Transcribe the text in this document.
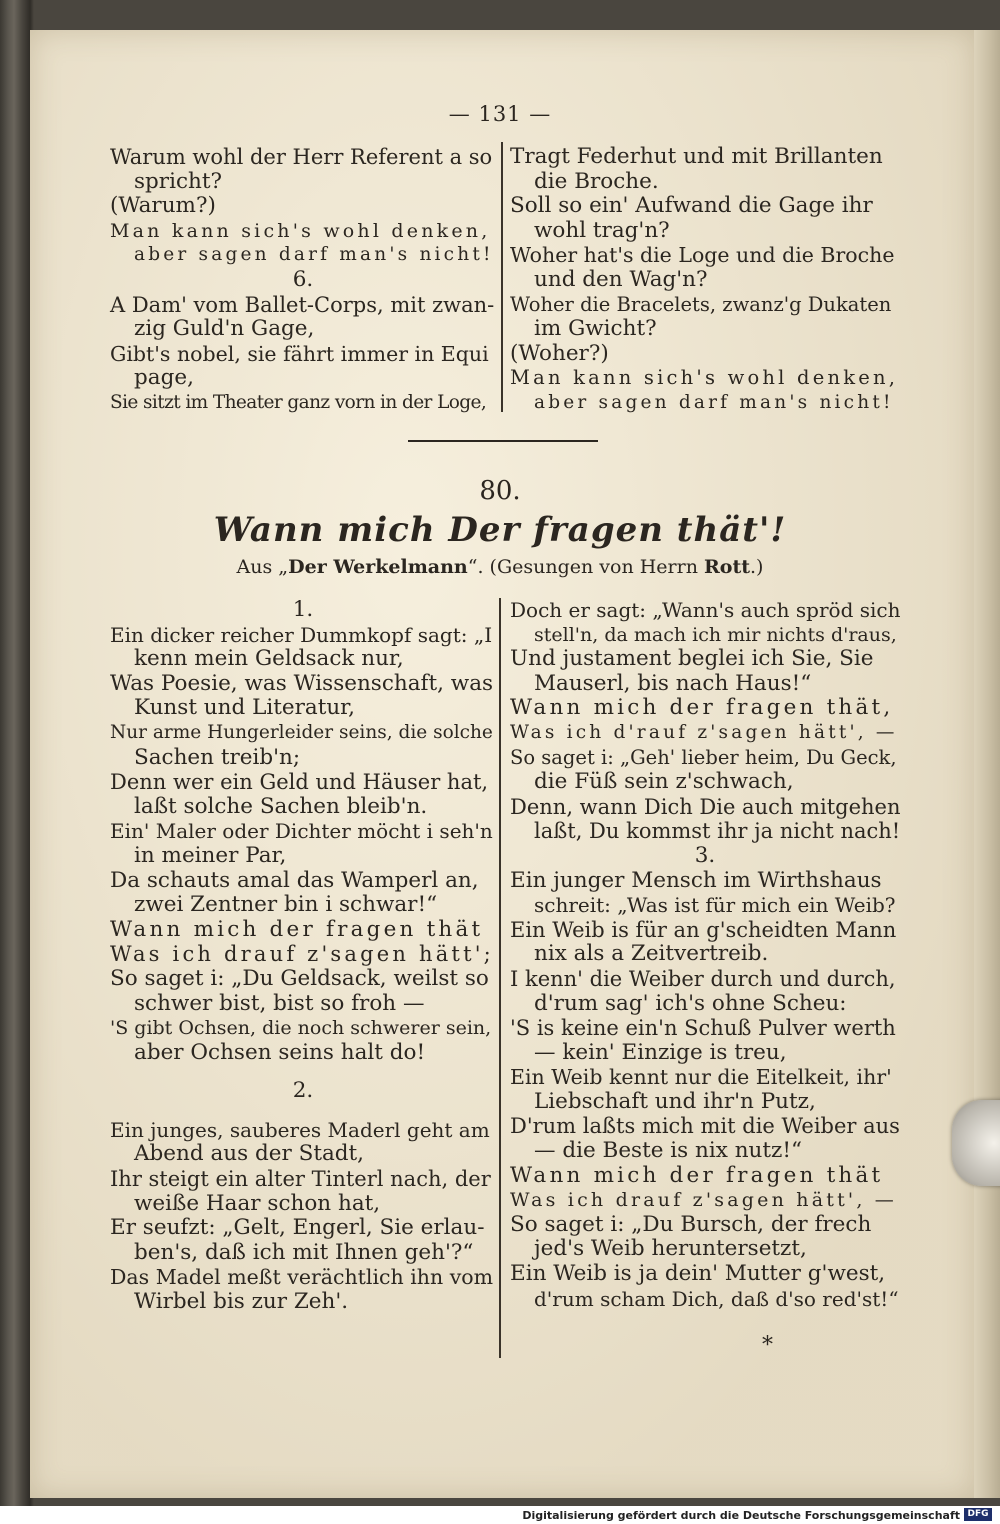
— 131 —
Warum wohl der Herr Referent a so
spricht?
(Warum?)
Man kann sich's wohl denken,
aber sagen darf man's nicht!
6.
A Dam' vom Ballet-Corps, mit zwan-
zig Guld'n Gage,
Gibt's nobel, sie fährt immer in Equi
page,
Sie sitzt im Theater ganz vorn in der Loge,
Tragt Federhut und mit Brillanten
die Broche.
Soll so ein' Aufwand die Gage ihr
wohl trag'n?
Woher hat's die Loge und die Broche
und den Wag'n?
Woher die Bracelets, zwanz'g Dukaten
im Gwicht?
(Woher?)
Man kann sich's wohl denken,
aber sagen darf man's nicht!
80.
Wann mich Der fragen thät'!
Aus „Der Werkelmann“. (Gesungen von Herrn Rott.)
1.
Ein dicker reicher Dummkopf sagt: „I
kenn mein Geldsack nur,
Was Poesie, was Wissenschaft, was
Kunst und Literatur,
Nur arme Hungerleider seins, die solche
Sachen treib'n;
Denn wer ein Geld und Häuser hat,
laßt solche Sachen bleib'n.
Ein' Maler oder Dichter möcht i seh'n
in meiner Par,
Da schauts amal das Wamperl an,
zwei Zentner bin i schwar!“
Wann mich der fragen thät
Was ich drauf z'sagen hätt';
So saget i: „Du Geldsack, weilst so
schwer bist, bist so froh —
'S gibt Ochsen, die noch schwerer sein,
aber Ochsen seins halt do!
2.
Ein junges, sauberes Maderl geht am
Abend aus der Stadt,
Ihr steigt ein alter Tinterl nach, der
weiße Haar schon hat,
Er seufzt: „Gelt, Engerl, Sie erlau-
ben's, daß ich mit Ihnen geh'?“
Das Madel meßt verächtlich ihn vom
Wirbel bis zur Zeh'.
Doch er sagt: „Wann's auch spröd sich
stell'n, da mach ich mir nichts d'raus,
Und justament beglei ich Sie, Sie
Mauserl, bis nach Haus!“
Wann mich der fragen thät,
Was ich d'rauf z'sagen hätt', —
So saget i: „Geh' lieber heim, Du Geck,
die Füß sein z'schwach,
Denn, wann Dich Die auch mitgehen
laßt, Du kommst ihr ja nicht nach!
3.
Ein junger Mensch im Wirthshaus
schreit: „Was ist für mich ein Weib?
Ein Weib is für an g'scheidten Mann
nix als a Zeitvertreib.
I kenn' die Weiber durch und durch,
d'rum sag' ich's ohne Scheu:
'S is keine ein'n Schuß Pulver werth
— kein' Einzige is treu,
Ein Weib kennt nur die Eitelkeit, ihr'
Liebschaft und ihr'n Putz,
D'rum laßts mich mit die Weiber aus
— die Beste is nix nutz!“
Wann mich der fragen thät
Was ich drauf z'sagen hätt', —
So saget i: „Du Bursch, der frech
jed's Weib heruntersetzt,
Ein Weib is ja dein' Mutter g'west,
d'rum scham Dich, daß d'so red'st!“
*
Digitalisierung gefördert durch die Deutsche Forschungsgemeinschaft DFG
